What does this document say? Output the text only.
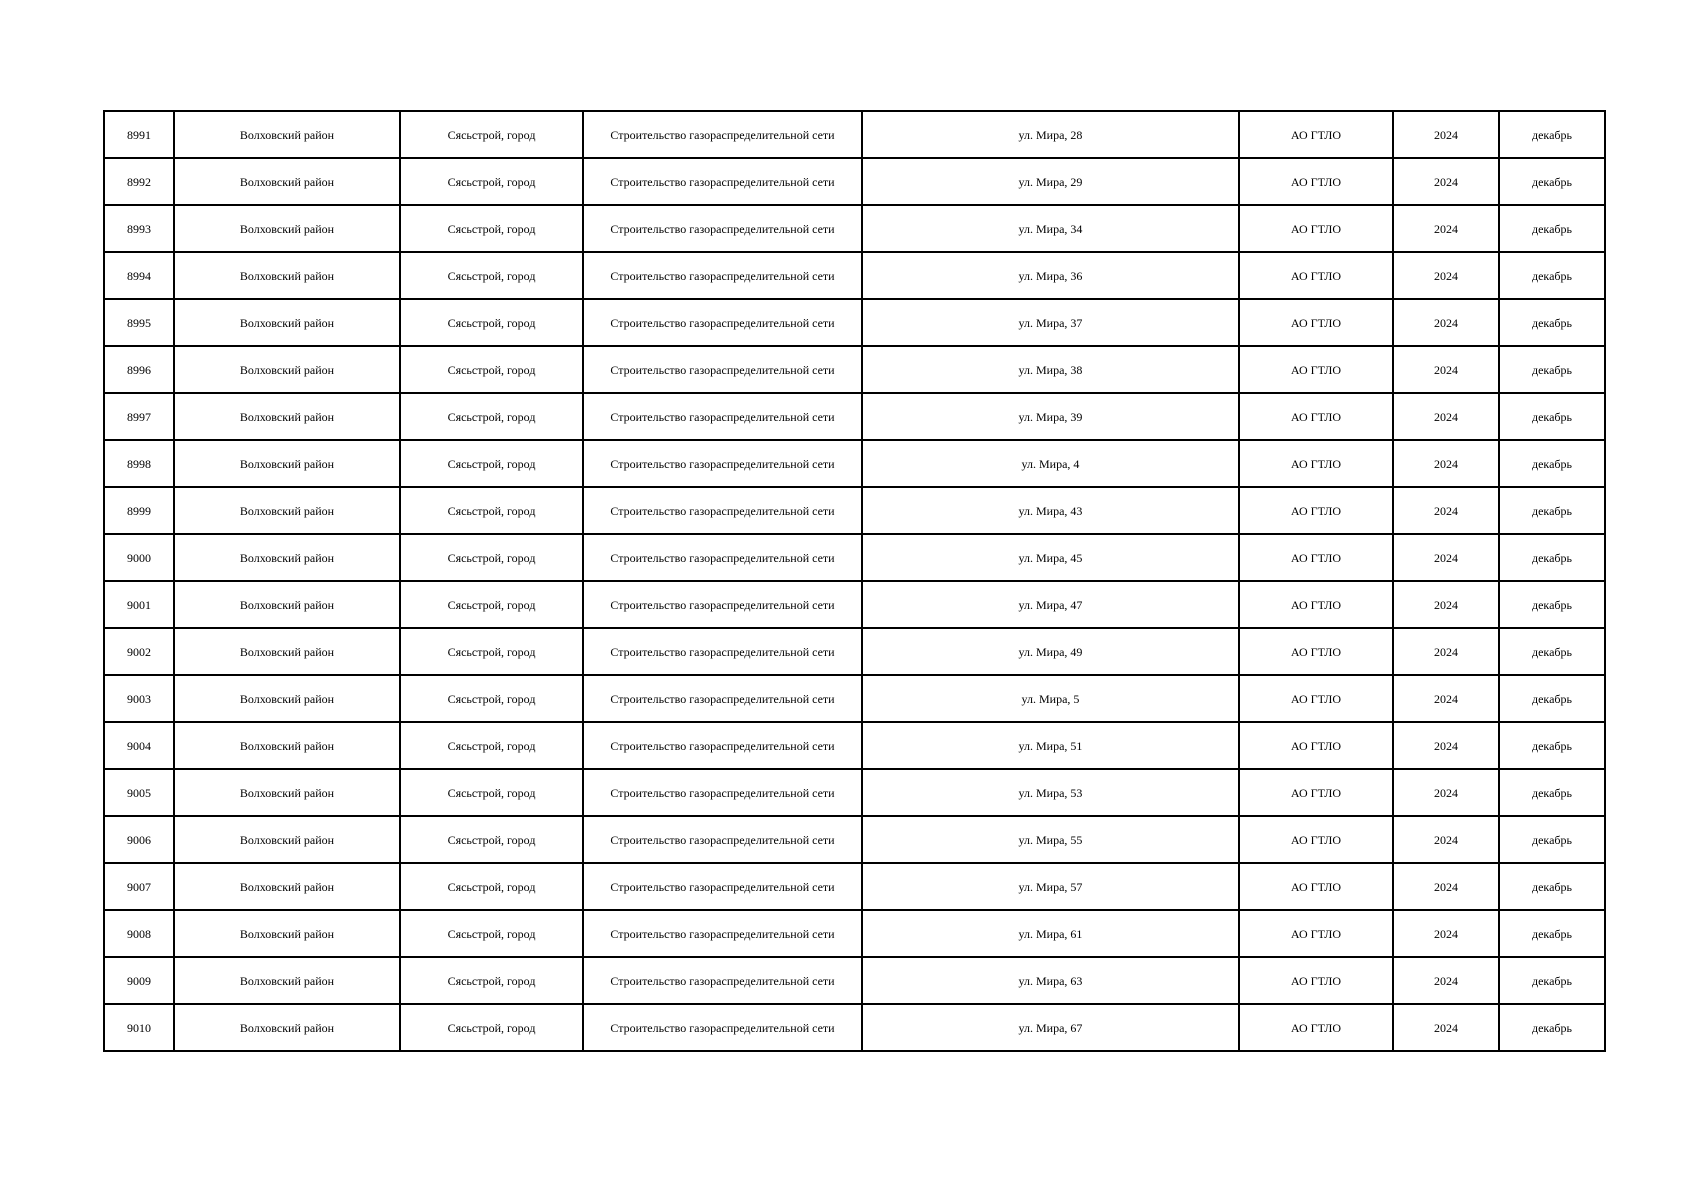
8991	Волховский район	Сясьстрой, город	Строительство газораспределительной сети	ул. Мира, 28	АО ГТЛО	2024	декабрь
8992	Волховский район	Сясьстрой, город	Строительство газораспределительной сети	ул. Мира, 29	АО ГТЛО	2024	декабрь
8993	Волховский район	Сясьстрой, город	Строительство газораспределительной сети	ул. Мира, 34	АО ГТЛО	2024	декабрь
8994	Волховский район	Сясьстрой, город	Строительство газораспределительной сети	ул. Мира, 36	АО ГТЛО	2024	декабрь
8995	Волховский район	Сясьстрой, город	Строительство газораспределительной сети	ул. Мира, 37	АО ГТЛО	2024	декабрь
8996	Волховский район	Сясьстрой, город	Строительство газораспределительной сети	ул. Мира, 38	АО ГТЛО	2024	декабрь
8997	Волховский район	Сясьстрой, город	Строительство газораспределительной сети	ул. Мира, 39	АО ГТЛО	2024	декабрь
8998	Волховский район	Сясьстрой, город	Строительство газораспределительной сети	ул. Мира, 4	АО ГТЛО	2024	декабрь
8999	Волховский район	Сясьстрой, город	Строительство газораспределительной сети	ул. Мира, 43	АО ГТЛО	2024	декабрь
9000	Волховский район	Сясьстрой, город	Строительство газораспределительной сети	ул. Мира, 45	АО ГТЛО	2024	декабрь
9001	Волховский район	Сясьстрой, город	Строительство газораспределительной сети	ул. Мира, 47	АО ГТЛО	2024	декабрь
9002	Волховский район	Сясьстрой, город	Строительство газораспределительной сети	ул. Мира, 49	АО ГТЛО	2024	декабрь
9003	Волховский район	Сясьстрой, город	Строительство газораспределительной сети	ул. Мира, 5	АО ГТЛО	2024	декабрь
9004	Волховский район	Сясьстрой, город	Строительство газораспределительной сети	ул. Мира, 51	АО ГТЛО	2024	декабрь
9005	Волховский район	Сясьстрой, город	Строительство газораспределительной сети	ул. Мира, 53	АО ГТЛО	2024	декабрь
9006	Волховский район	Сясьстрой, город	Строительство газораспределительной сети	ул. Мира, 55	АО ГТЛО	2024	декабрь
9007	Волховский район	Сясьстрой, город	Строительство газораспределительной сети	ул. Мира, 57	АО ГТЛО	2024	декабрь
9008	Волховский район	Сясьстрой, город	Строительство газораспределительной сети	ул. Мира, 61	АО ГТЛО	2024	декабрь
9009	Волховский район	Сясьстрой, город	Строительство газораспределительной сети	ул. Мира, 63	АО ГТЛО	2024	декабрь
9010	Волховский район	Сясьстрой, город	Строительство газораспределительной сети	ул. Мира, 67	АО ГТЛО	2024	декабрь
